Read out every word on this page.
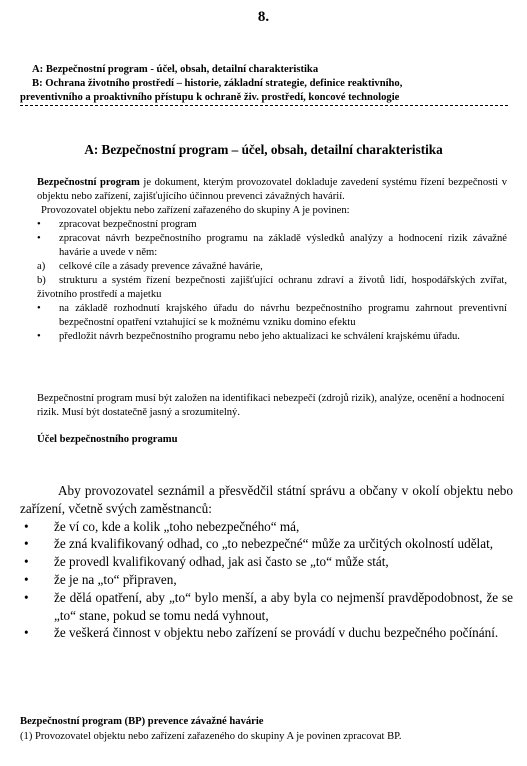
8.

A: Bezpečnostní program - účel, obsah, detailní charakteristika

B: Ochrana životního prostředí – historie, základní strategie, definice reaktivního,

preventivního a proaktivního přístupu k ochraně živ. prostředí, koncové technologie

A: Bezpečnostní program – účel, obsah, detailní charakteristika

Bezpečnostní program je dokument, kterým provozovatel dokladuje zavedení systému řízení bezpečnosti v objektu nebo zařízení, zajišťujícího účinnou prevenci závažných havárií.

Provozovatel objektu nebo zařízení zařazeného do skupiny A je povinen:

•	zpracovat bezpečnostní program
•	zpracovat návrh bezpečnostního programu na základě výsledků analýzy a hodnocení rizik závažné havárie a uvede v něm:
a)	celkové cíle a zásady prevence závažné havárie,

b) strukturu a systém řízení bezpečnosti zajišťující ochranu zdraví a životů lidí, hospodářských zvířat, životního prostředí a majetku

•	na základě rozhodnutí krajského úřadu do návrhu bezpečnostního programu zahrnout preventivní bezpečnostní opatření vztahující se k možnému vzniku domino efektu
•	předložit návrh bezpečnostního programu nebo jeho aktualizaci ke schválení krajskému úřadu.
Bezpečnostní program musí být založen na identifikaci nebezpečí (zdrojů rizik), analýze, ocenění a hodnocení rizik. Musí být dostatečně jasný a srozumitelný.
Účel bezpečnostního programu

Aby provozovatel seznámil a přesvědčil státní správu a občany v okolí objektu nebo zařízení, včetně svých zaměstnanců:

•	že ví co, kde a kolik „toho nebezpečného“ má,
•	že zná kvalifikovaný odhad, co „to nebezpečné“ může za určitých okolností udělat,
•	že provedl kvalifikovaný odhad, jak asi často se „to“ může stát,
•	že je na „to“ připraven,
•	že dělá opatření, aby „to“ bylo menší, a aby byla co nejmenší pravděpodobnost, že se „to“ stane, pokud se tomu nedá vyhnout,
•	že veškerá činnost v objektu nebo zařízení se provádí v duchu bezpečného počínání.
Bezpečnostní program (BP) prevence závažné havárie
(1) Provozovatel objektu nebo zařízení zařazeného do skupiny A je povinen zpracovat BP.
